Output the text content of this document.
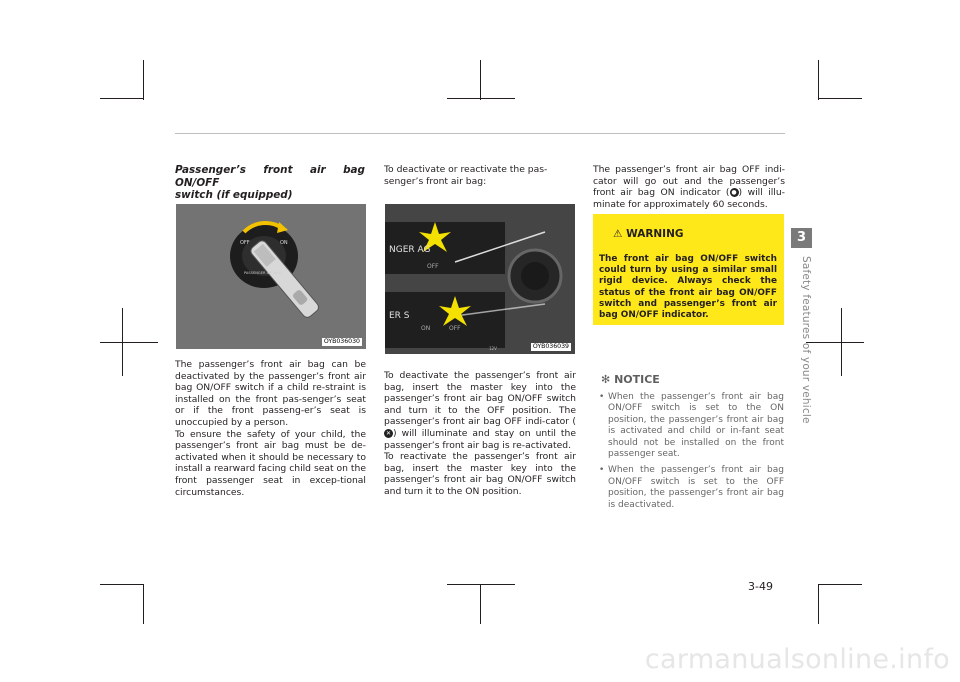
Passenger’s front air bag ON/OFF
switch (if equipped)
OFF	ON
PASSENGER AIR BAG
OYB036030

The passenger’s front air bag can be deactivated by the passenger’s front air bag ON/OFF switch if a child re-straint is installed on the front pas-senger’s seat or if the front passeng-er’s seat is unoccupied by a person.

To ensure the safety of your child, the passenger’s front air bag must be de-activated when it should be necessary to install a rearward facing child seat on the front passenger seat in excep-tional circumstances.

To deactivate or reactivate the pas-senger’s front air bag:

NGER AG
OFF
ER S
ON	OFF
12V	OYB036039

To deactivate the passenger’s front air bag, insert the master key into the passenger’s front air bag ON/OFF switch and turn it to the OFF position. The passenger’s front air bag OFF indi-cator (✕ ) will illuminate and stay on until the passenger’s front air bag is re-activated.

To reactivate the passenger’s front air bag, insert the master key into the passenger’s front air bag ON/OFF switch and turn it to the ON position.

The passenger’s front air bag OFF indi-cator will go out and the passenger’s front air bag ON indicator ( ● ) will illu-minate for approximately 60 seconds.

⚠ WARNING
The front air bag ON/OFF switch could turn by using a similar small rigid device. Always check the status of the front air bag ON/OFF switch and passenger’s front air bag ON/OFF indicator.
✻ NOTICE
• When the passenger’s front air bag ON/OFF switch is set to the ON position, the passenger’s front air bag is activated and child or in-fant seat should not be installed on the front passenger seat.
• When the passenger’s front air bag ON/OFF switch is set to the OFF position, the passenger’s front air bag is deactivated.
3
Safety features of your vehicle
3-49
carmanualsonline.info
